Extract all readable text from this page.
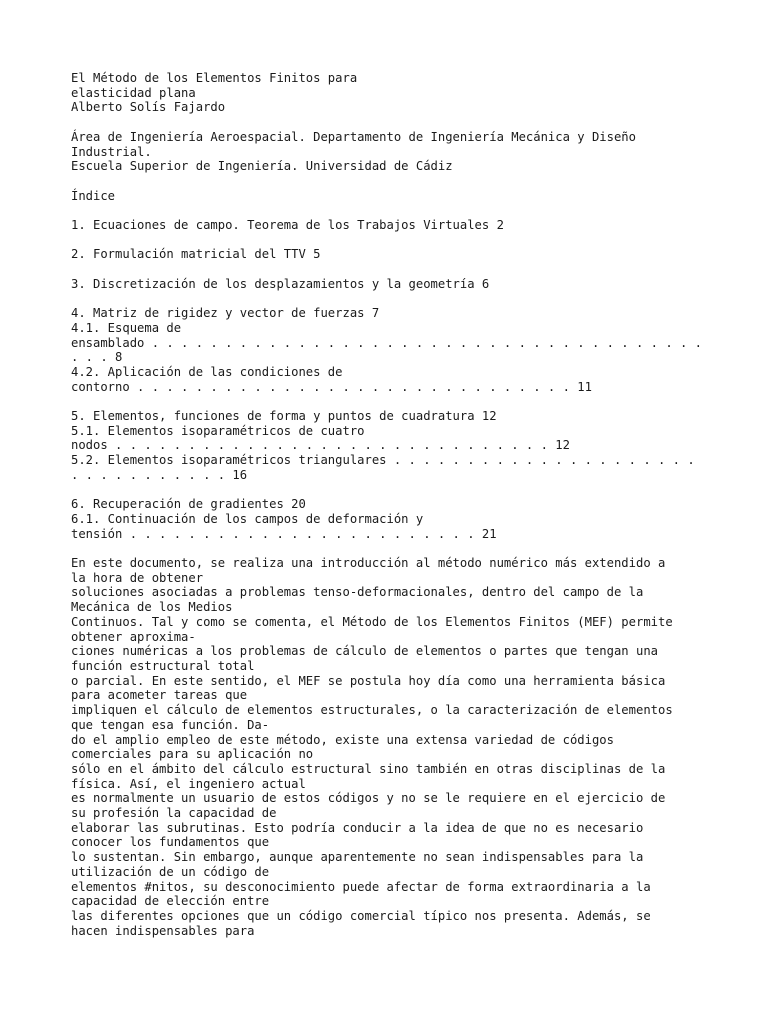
El Método de los Elementos Finitos para
elasticidad plana
Alberto Solís Fajardo
Área de Ingeniería Aeroespacial. Departamento de Ingeniería Mecánica y Diseño
Industrial.
Escuela Superior de Ingeniería. Universidad de Cádiz
Índice
1. Ecuaciones de campo. Teorema de los Trabajos Virtuales 2
2. Formulación matricial del TTV 5
3. Discretización de los desplazamientos y la geometría 6
4. Matriz de rigidez y vector de fuerzas 7
4.1. Esquema de
ensamblado . . . . . . . . . . . . . . . . . . . . . . . . . . . . . . . . . . . . . .
. . . 8
4.2. Aplicación de las condiciones de
contorno . . . . . . . . . . . . . . . . . . . . . . . . . . . . . . 11
5. Elementos, funciones de forma y puntos de cuadratura 12
5.1. Elementos isoparamétricos de cuatro
nodos . . . . . . . . . . . . . . . . . . . . . . . . . . . . . . 12
5.2. Elementos isoparamétricos triangulares . . . . . . . . . . . . . . . . . . . . .
. . . . . . . . . . . 16
6. Recuperación de gradientes 20
6.1. Continuación de los campos de deformación y
tensión . . . . . . . . . . . . . . . . . . . . . . . . 21
En este documento, se realiza una introducción al método numérico más extendido a
la hora de obtener
soluciones asociadas a problemas tenso-deformacionales, dentro del campo de la
Mecánica de los Medios
Continuos. Tal y como se comenta, el Método de los Elementos Finitos (MEF) permite
obtener aproxima-
ciones numéricas a los problemas de cálculo de elementos o partes que tengan una
función estructural total
o parcial. En este sentido, el MEF se postula hoy día como una herramienta básica
para acometer tareas que
impliquen el cálculo de elementos estructurales, o la caracterización de elementos
que tengan esa función. Da-
do el amplio empleo de este método, existe una extensa variedad de códigos
comerciales para su aplicación no
sólo en el ámbito del cálculo estructural sino también en otras disciplinas de la
física. Así, el ingeniero actual
es normalmente un usuario de estos códigos y no se le requiere en el ejercicio de
su profesión la capacidad de
elaborar las subrutinas. Esto podría conducir a la idea de que no es necesario
conocer los fundamentos que
lo sustentan. Sin embargo, aunque aparentemente no sean indispensables para la
utilización de un código de
elementos #nitos, su desconocimiento puede afectar de forma extraordinaria a la
capacidad de elección entre
las diferentes opciones que un código comercial típico nos presenta. Además, se
hacen indispensables para
